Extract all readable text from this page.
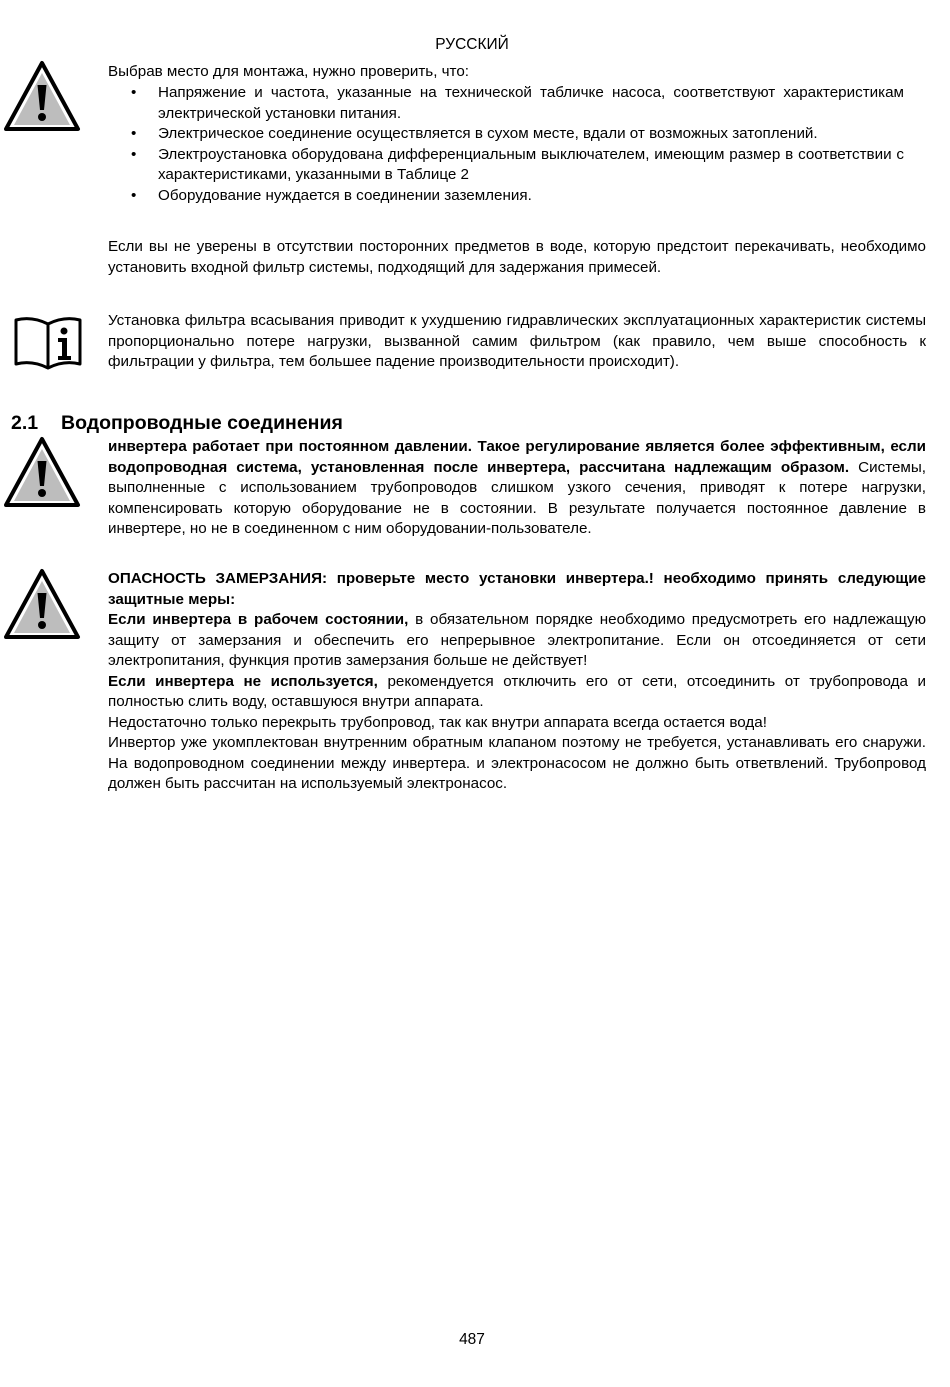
РУССКИЙ
Выбрав место для монтажа, нужно проверить, что:
• Напряжение и частота, указанные на технической табличке насоса, соответствуют характеристикам электрической установки питания.
• Электрическое соединение осуществляется в сухом месте, вдали от возможных затоплений.
• Электроустановка оборудована дифференциальным выключателем, имеющим размер в соответствии с характеристиками, указанными в Таблице 2
• Оборудование нуждается в соединении заземления.
Если вы не уверены в отсутствии посторонних предметов в воде, которую предстоит перекачивать, необходимо установить входной фильтр системы, подходящий для задержания примесей.
Установка фильтра всасывания приводит к ухудшению гидравлических эксплуатационных характеристик системы пропорционально потере нагрузки, вызванной самим фильтром (как правило, чем выше способность к фильтрации у фильтра, тем большее падение производительности происходит).
2.1 Водопроводные соединения
инвертера работает при постоянном давлении. Такое регулирование является более эффективным, если водопроводная система, установленная после инвертера, рассчитана надлежащим образом. Системы, выполненные с использованием трубопроводов слишком узкого сечения, приводят к потере нагрузки, компенсировать которую оборудование не в состоянии. В результате получается постоянное давление в инвертере, но не в соединенном с ним оборудовании-пользователе.

ОПАСНОСТЬ ЗАМЕРЗАНИЯ: проверьте место установки инвертера.! необходимо принять следующие защитные меры:

Если инвертера в рабочем состоянии, в обязательном порядке необходимо предусмотреть его надлежащую защиту от замерзания и обеспечить его непрерывное электропитание. Если он отсоединяется от сети электропитания, функция против замерзания больше не действует!

Если инвертера не используется, рекомендуется отключить его от сети, отсоединить от трубопровода и полностью слить воду, оставшуюся внутри аппарата.

Недостаточно только перекрыть трубопровод, так как внутри аппарата всегда остается вода!

Инвертор уже укомплектован внутренним обратным клапаном поэтому не требуется, устанавливать его снаружи. На водопроводном соединении между инвертера. и электронасосом не должно быть ответвлений. Трубопровод должен быть рассчитан на используемый электронасос.

487
